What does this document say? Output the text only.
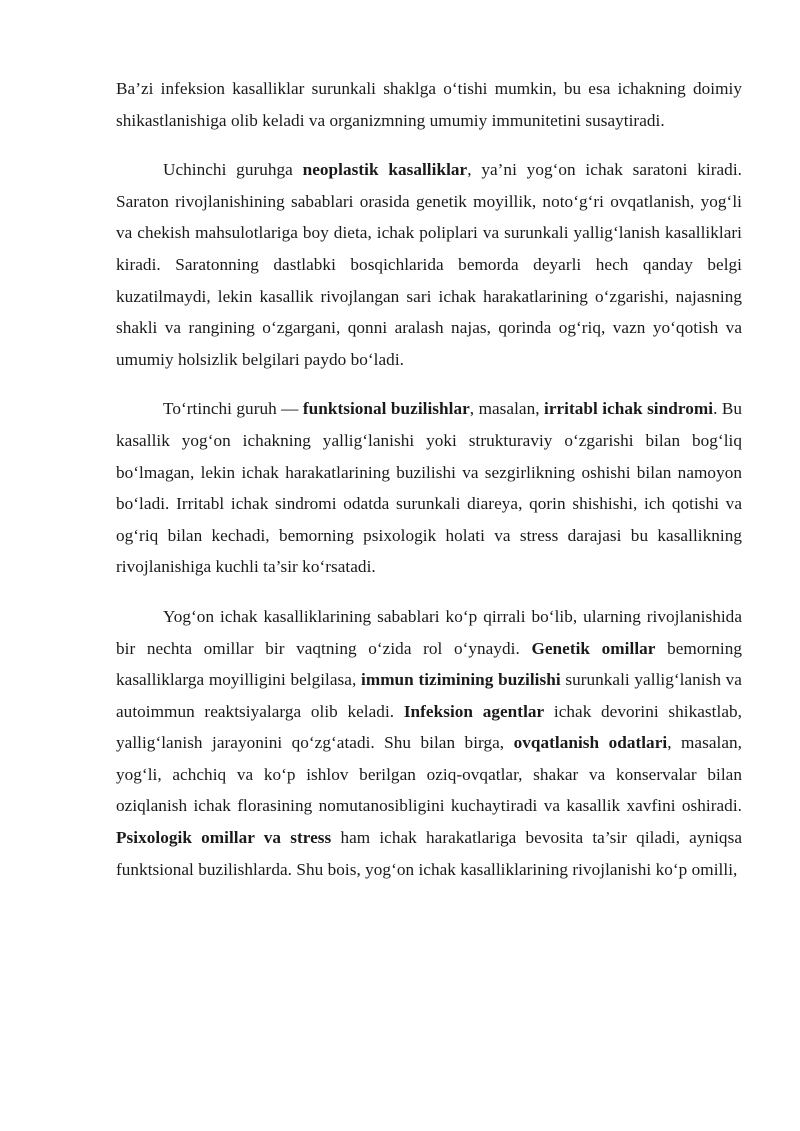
Ba’zi infeksion kasalliklar surunkali shaklga o‘tishi mumkin, bu esa ichakning doimiy shikastlanishiga olib keladi va organizmning umumiy immunitetini susaytiradi.

Uchinchi guruhga neoplastik kasalliklar, ya’ni yog‘on ichak saratoni kiradi. Saraton rivojlanishining sabablari orasida genetik moyillik, noto‘g‘ri ovqatlanish, yog‘li va chekish mahsulotlariga boy dieta, ichak poliplari va surunkali yallig‘lanish kasalliklari kiradi. Saratonning dastlabki bosqichlarida bemorda deyarli hech qanday belgi kuzatilmaydi, lekin kasallik rivojlangan sari ichak harakatlarining o‘zgarishi, najasning shakli va rangining o‘zgargani, qonni aralash najas, qorinda og‘riq, vazn yo‘qotish va umumiy holsizlik belgilari paydo bo‘ladi.

To‘rtinchi guruh — funktsional buzilishlar, masalan, irritabl ichak sindromi. Bu kasallik yog‘on ichakning yallig‘lanishi yoki strukturaviy o‘zgarishi bilan bog‘liq bo‘lmagan, lekin ichak harakatlarining buzilishi va sezgirlikning oshishi bilan namoyon bo‘ladi. Irritabl ichak sindromi odatda surunkali diareya, qorin shishishi, ich qotishi va og‘riq bilan kechadi, bemorning psixologik holati va stress darajasi bu kasallikning rivojlanishiga kuchli ta’sir ko‘rsatadi.

Yog‘on ichak kasalliklarining sabablari ko‘p qirrali bo‘lib, ularning rivojlanishida bir nechta omillar bir vaqtning o‘zida rol o‘ynaydi. Genetik omillar bemorning kasalliklarga moyilligini belgilasa, immun tizimining buzilishi surunkali yallig‘lanish va autoimmun reaktsiyalarga olib keladi. Infeksion agentlar ichak devorini shikastlab, yallig‘lanish jarayonini qo‘zg‘atadi. Shu bilan birga, ovqatlanish odatlari, masalan, yog‘li, achchiq va ko‘p ishlov berilgan oziq-ovqatlar, shakar va konservalar bilan oziqlanish ichak florasining nomutanosibligini kuchaytiradi va kasallik xavfini oshiradi. Psixologik omillar va stress ham ichak harakatlariga bevosita ta’sir qiladi, ayniqsa funktsional buzilishlarda. Shu bois, yog‘on ichak kasalliklarining rivojlanishi ko‘p omilli,
